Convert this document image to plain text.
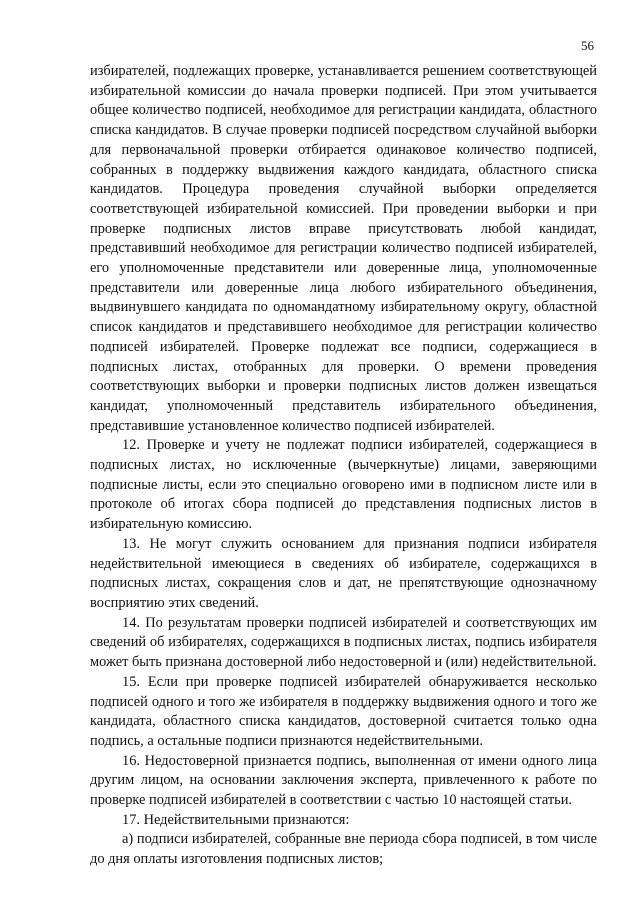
56

избирателей, подлежащих проверке, устанавливается решением соответствующей избирательной комиссии до начала проверки подписей. При этом учитывается общее количество подписей, необходимое для регистрации кандидата, областного списка кандидатов. В случае проверки подписей посредством случайной выборки для первоначальной проверки отбирается одинаковое количество подписей, собранных в поддержку выдвижения каждого кандидата, областного списка кандидатов. Процедура проведения случайной выборки определяется соответствующей избирательной комиссией. При проведении выборки и при проверке подписных листов вправе присутствовать любой кандидат, представивший необходимое для регистрации количество подписей избирателей, его уполномоченные представители или доверенные лица, уполномоченные представители или доверенные лица любого избирательного объединения, выдвинувшего кандидата по одномандатному избирательному округу, областной список кандидатов и представившего необходимое для регистрации количество подписей избирателей. Проверке подлежат все подписи, содержащиеся в подписных листах, отобранных для проверки. О времени проведения соответствующих выборки и проверки подписных листов должен извещаться кандидат, уполномоченный представитель избирательного объединения, представившие установленное количество подписей избирателей.

12. Проверке и учету не подлежат подписи избирателей, содержащиеся в подписных листах, но исключенные (вычеркнутые) лицами, заверяющими подписные листы, если это специально оговорено ими в подписном листе или в протоколе об итогах сбора подписей до представления подписных листов в избирательную комиссию.

13. Не могут служить основанием для признания подписи избирателя недействительной имеющиеся в сведениях об избирателе, содержащихся в подписных листах, сокращения слов и дат, не препятствующие однозначному восприятию этих сведений.

14. По результатам проверки подписей избирателей и соответствующих им сведений об избирателях, содержащихся в подписных листах, подпись избирателя может быть признана достоверной либо недостоверной и (или) недействительной.

15. Если при проверке подписей избирателей обнаруживается несколько подписей одного и того же избирателя в поддержку выдвижения одного и того же кандидата, областного списка кандидатов, достоверной считается только одна подпись, а остальные подписи признаются недействительными.

16. Недостоверной признается подпись, выполненная от имени одного лица другим лицом, на основании заключения эксперта, привлеченного к работе по проверке подписей избирателей в соответствии с частью 10 настоящей статьи.

17. Недействительными признаются:

а) подписи избирателей, собранные вне периода сбора подписей, в том числе до дня оплаты изготовления подписных листов;
